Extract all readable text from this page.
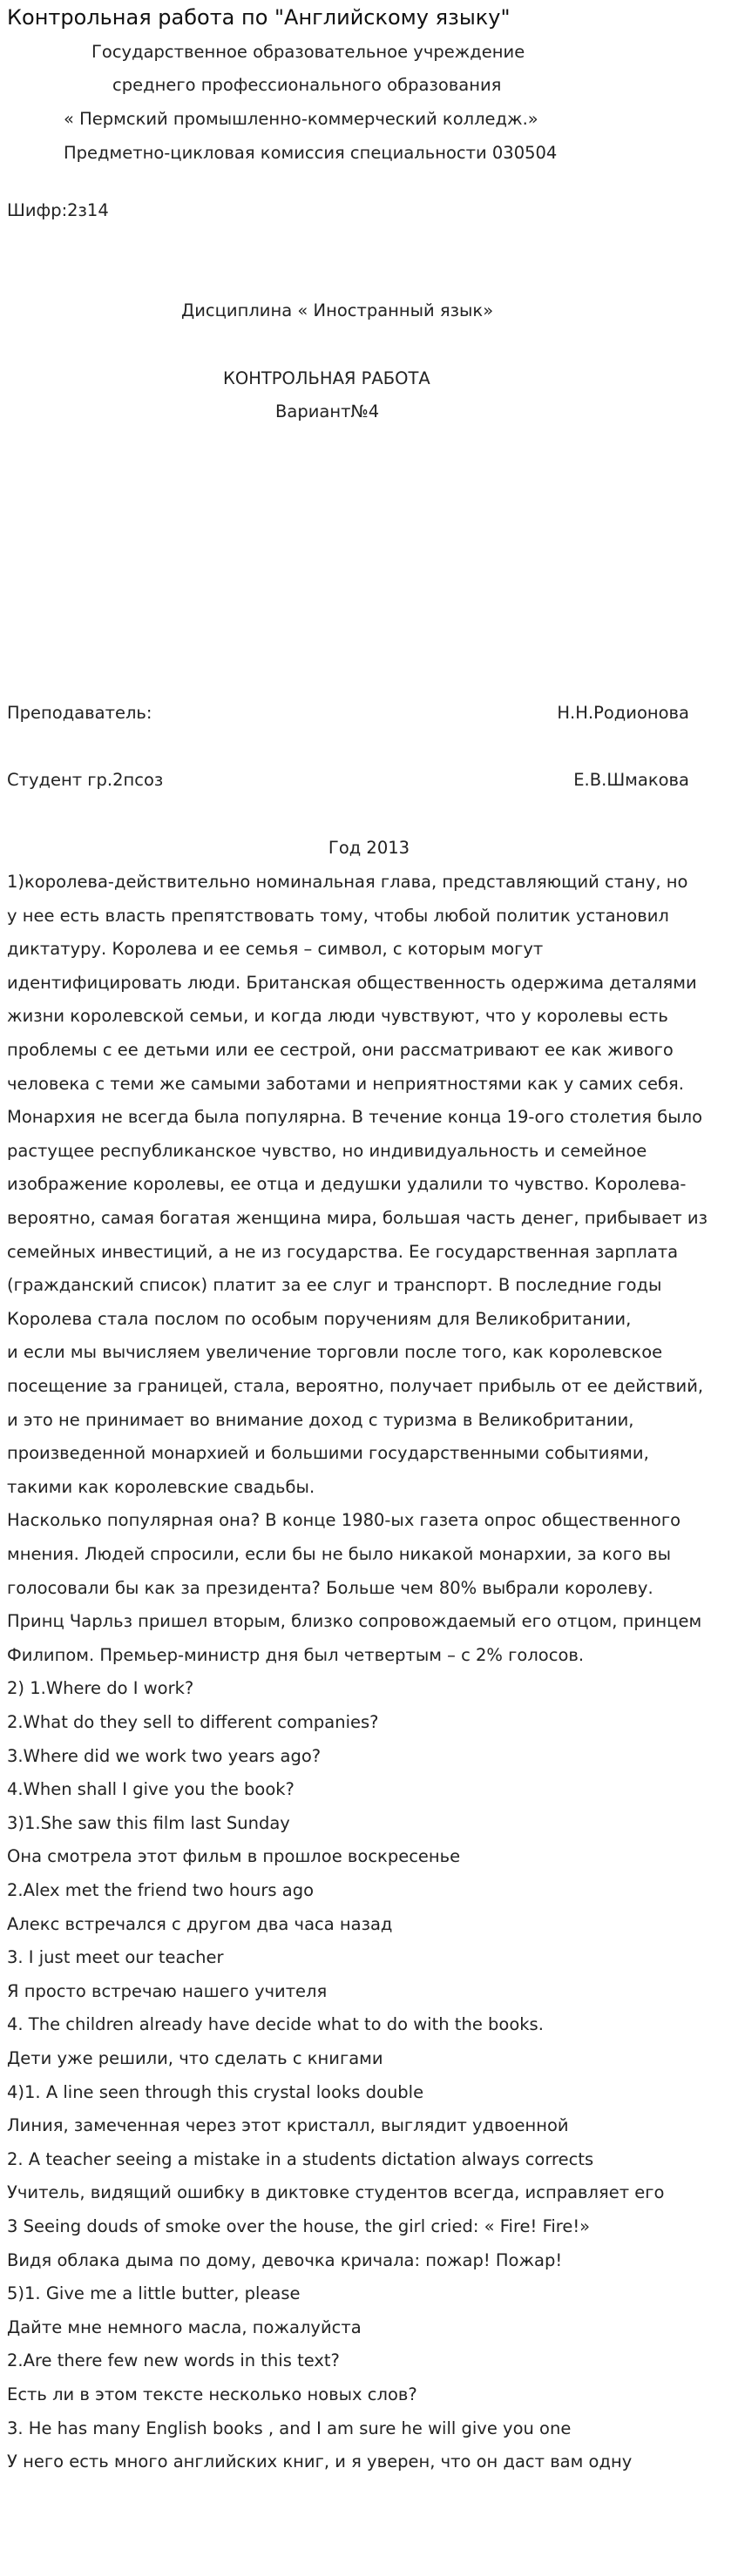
Контрольная работа по "Английскому языку"
Государственное образовательное учреждение
среднего профессионального образования
« Пермский промышленно-коммерческий колледж.»
Предметно-цикловая комиссия специальности 030504
Шифр:2з14
Дисциплина « Иностранный язык»
КОНТРОЛЬНАЯ РАБОТА
Вариант№4
Преподаватель:	Н.Н.Родионова
Студент гр.2псоз	Е.В.Шмакова
Год 2013
1)королева-действительно номинальная глава, представляющий стану, но
у нее есть власть препятствовать тому, чтобы любой политик установил
диктатуру. Королева и ее семья – символ, с которым могут
идентифицировать люди. Британская общественность одержима деталями
жизни королевской семьи, и когда люди чувствуют, что у королевы есть
проблемы с ее детьми или ее сестрой, они рассматривают ее как живого
человека с теми же самыми заботами и неприятностями как у самих себя.
Монархия не всегда была популярна. В течение конца 19-ого столетия было
растущее республиканское чувство, но индивидуальность и семейное
изображение королевы, ее отца и дедушки удалили то чувство. Королева-
вероятно, самая богатая женщина мира, большая часть денег, прибывает из
семейных инвестиций, а не из государства. Ее государственная зарплата
(гражданский список) платит за ее слуг и транспорт. В последние годы
Королева стала послом по особым поручениям для Великобритании,
и если мы вычисляем увеличение торговли после того, как королевское
посещение за границей, стала, вероятно, получает прибыль от ее действий,
и это не принимает во внимание доход с туризма в Великобритании,
произведенной монархией и большими государственными событиями,
такими как королевские свадьбы.
Насколько популярная она? В конце 1980-ых газета опрос общественного
мнения. Людей спросили, если бы не было никакой монархии, за кого вы
голосовали бы как за президента? Больше чем 80% выбрали королеву.
Принц Чарльз пришел вторым, близко сопровождаемый его отцом, принцем
Филипом. Премьер-министр дня был четвертым – с 2% голосов.
2) 1.Where do I work?
2.What do they sell to different companies?
3.Where did we work two years ago?
4.When shall I give you the book?
3)1.She saw this film last Sunday
Она смотрела этот фильм в прошлое воскресенье
2.Alex met the friend two hours ago
Алекс встречался с другом два часа назад
3. I just meet our teacher
Я просто встречаю нашего учителя
4. The children already have decide what to do with the books.
Дети уже решили, что сделать с книгами
4)1. A line seen through this crystal looks double
Линия, замеченная через этот кристалл, выглядит удвоенной
2. A teacher seeing a mistake in a students dictation always corrects
Учитель, видящий ошибку в диктовке студентов всегда, исправляет его
3 Seeing douds of smoke over the house, the girl cried: « Fire! Fire!»
Видя облака дыма по дому, девочка кричала: пожар! Пожар!
5)1. Give me a little butter, please
Дайте мне немного масла, пожалуйста
2.Are there few new words in this text?
Есть ли в этом тексте несколько новых слов?
3. He has many English books , and I am sure he will give you one
У него есть много английских книг, и я уверен, что он даст вам одну
